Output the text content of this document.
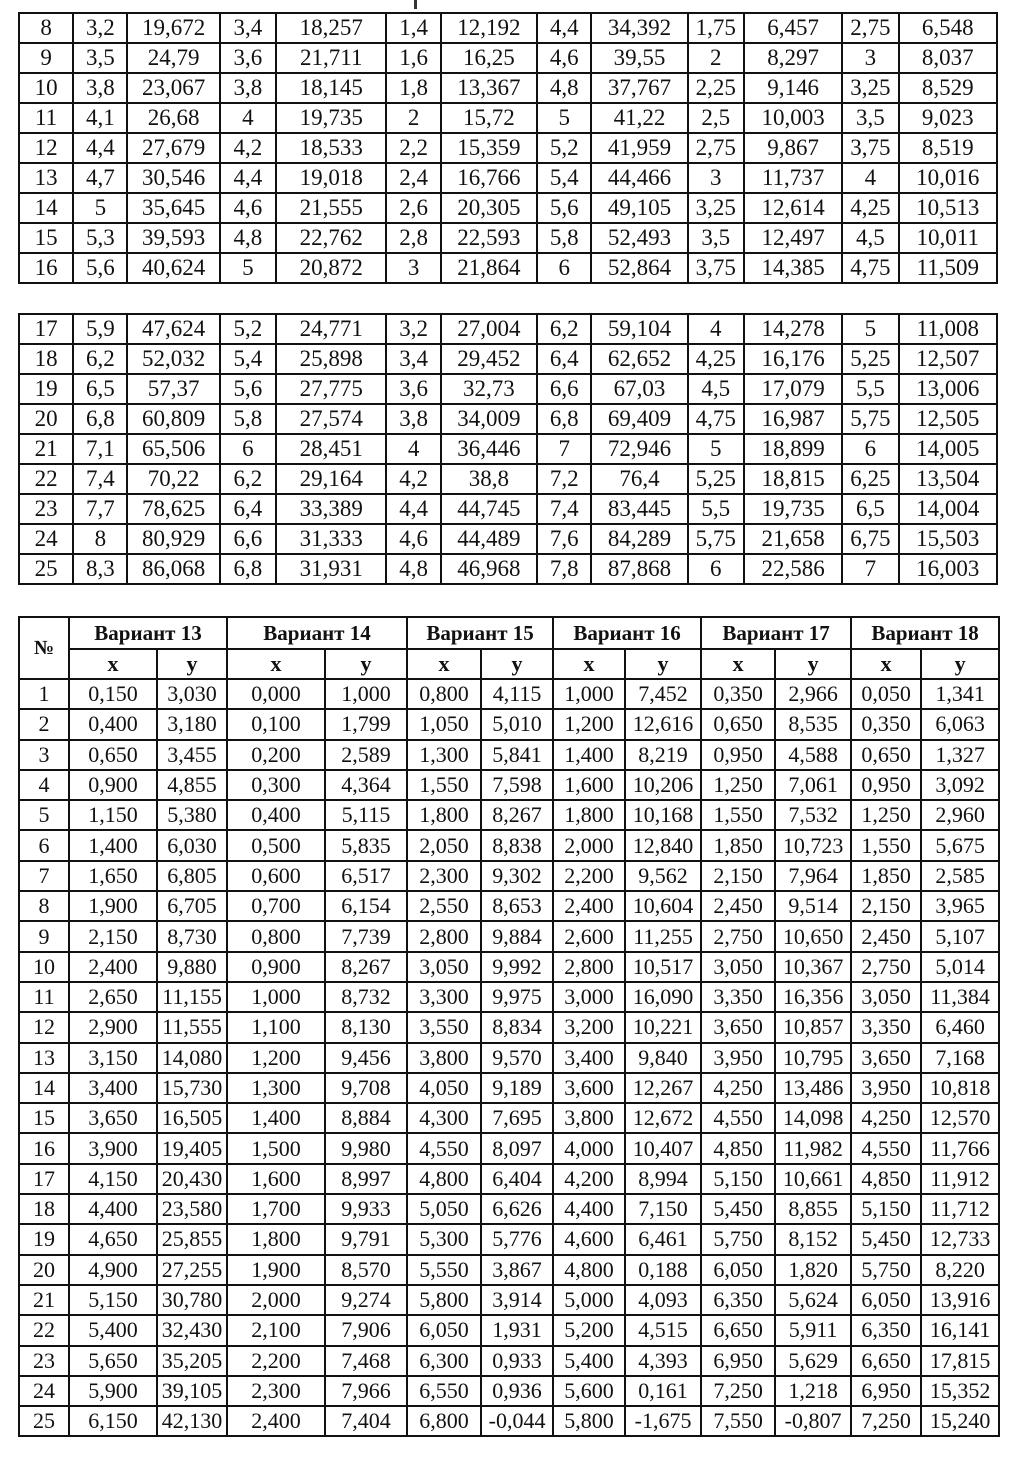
8	3,2	19,672	3,4	18,257	1,4	12,192	4,4	34,392	1,75	6,457	2,75	6,548
9	3,5	24,79	3,6	21,711	1,6	16,25	4,6	39,55	2	8,297	3	8,037
10	3,8	23,067	3,8	18,145	1,8	13,367	4,8	37,767	2,25	9,146	3,25	8,529
11	4,1	26,68	4	19,735	2	15,72	5	41,22	2,5	10,003	3,5	9,023
12	4,4	27,679	4,2	18,533	2,2	15,359	5,2	41,959	2,75	9,867	3,75	8,519
13	4,7	30,546	4,4	19,018	2,4	16,766	5,4	44,466	3	11,737	4	10,016
14	5	35,645	4,6	21,555	2,6	20,305	5,6	49,105	3,25	12,614	4,25	10,513
15	5,3	39,593	4,8	22,762	2,8	22,593	5,8	52,493	3,5	12,497	4,5	10,011
16	5,6	40,624	5	20,872	3	21,864	6	52,864	3,75	14,385	4,75	11,509
17	5,9	47,624	5,2	24,771	3,2	27,004	6,2	59,104	4	14,278	5	11,008
18	6,2	52,032	5,4	25,898	3,4	29,452	6,4	62,652	4,25	16,176	5,25	12,507
19	6,5	57,37	5,6	27,775	3,6	32,73	6,6	67,03	4,5	17,079	5,5	13,006
20	6,8	60,809	5,8	27,574	3,8	34,009	6,8	69,409	4,75	16,987	5,75	12,505
21	7,1	65,506	6	28,451	4	36,446	7	72,946	5	18,899	6	14,005
22	7,4	70,22	6,2	29,164	4,2	38,8	7,2	76,4	5,25	18,815	6,25	13,504
23	7,7	78,625	6,4	33,389	4,4	44,745	7,4	83,445	5,5	19,735	6,5	14,004
24	8	80,929	6,6	31,333	4,6	44,489	7,6	84,289	5,75	21,658	6,75	15,503
25	8,3	86,068	6,8	31,931	4,8	46,968	7,8	87,868	6	22,586	7	16,003
№	Вариант 13		Вариант 14		Вариант 15		Вариант 16		Вариант 17		Вариант 18	
	x	y	x	y	x	y	x	y	x	y	x	y
1	0,150	3,030	0,000	1,000	0,800	4,115	1,000	7,452	0,350	2,966	0,050	1,341
2	0,400	3,180	0,100	1,799	1,050	5,010	1,200	12,616	0,650	8,535	0,350	6,063
3	0,650	3,455	0,200	2,589	1,300	5,841	1,400	8,219	0,950	4,588	0,650	1,327
4	0,900	4,855	0,300	4,364	1,550	7,598	1,600	10,206	1,250	7,061	0,950	3,092
5	1,150	5,380	0,400	5,115	1,800	8,267	1,800	10,168	1,550	7,532	1,250	2,960
6	1,400	6,030	0,500	5,835	2,050	8,838	2,000	12,840	1,850	10,723	1,550	5,675
7	1,650	6,805	0,600	6,517	2,300	9,302	2,200	9,562	2,150	7,964	1,850	2,585
8	1,900	6,705	0,700	6,154	2,550	8,653	2,400	10,604	2,450	9,514	2,150	3,965
9	2,150	8,730	0,800	7,739	2,800	9,884	2,600	11,255	2,750	10,650	2,450	5,107
10	2,400	9,880	0,900	8,267	3,050	9,992	2,800	10,517	3,050	10,367	2,750	5,014
11	2,650	11,155	1,000	8,732	3,300	9,975	3,000	16,090	3,350	16,356	3,050	11,384
12	2,900	11,555	1,100	8,130	3,550	8,834	3,200	10,221	3,650	10,857	3,350	6,460
13	3,150	14,080	1,200	9,456	3,800	9,570	3,400	9,840	3,950	10,795	3,650	7,168
14	3,400	15,730	1,300	9,708	4,050	9,189	3,600	12,267	4,250	13,486	3,950	10,818
15	3,650	16,505	1,400	8,884	4,300	7,695	3,800	12,672	4,550	14,098	4,250	12,570
16	3,900	19,405	1,500	9,980	4,550	8,097	4,000	10,407	4,850	11,982	4,550	11,766
17	4,150	20,430	1,600	8,997	4,800	6,404	4,200	8,994	5,150	10,661	4,850	11,912
18	4,400	23,580	1,700	9,933	5,050	6,626	4,400	7,150	5,450	8,855	5,150	11,712
19	4,650	25,855	1,800	9,791	5,300	5,776	4,600	6,461	5,750	8,152	5,450	12,733
20	4,900	27,255	1,900	8,570	5,550	3,867	4,800	0,188	6,050	1,820	5,750	8,220
21	5,150	30,780	2,000	9,274	5,800	3,914	5,000	4,093	6,350	5,624	6,050	13,916
22	5,400	32,430	2,100	7,906	6,050	1,931	5,200	4,515	6,650	5,911	6,350	16,141
23	5,650	35,205	2,200	7,468	6,300	0,933	5,400	4,393	6,950	5,629	6,650	17,815
24	5,900	39,105	2,300	7,966	6,550	0,936	5,600	0,161	7,250	1,218	6,950	15,352
25	6,150	42,130	2,400	7,404	6,800	-0,044	5,800	-1,675	7,550	-0,807	7,250	15,240
